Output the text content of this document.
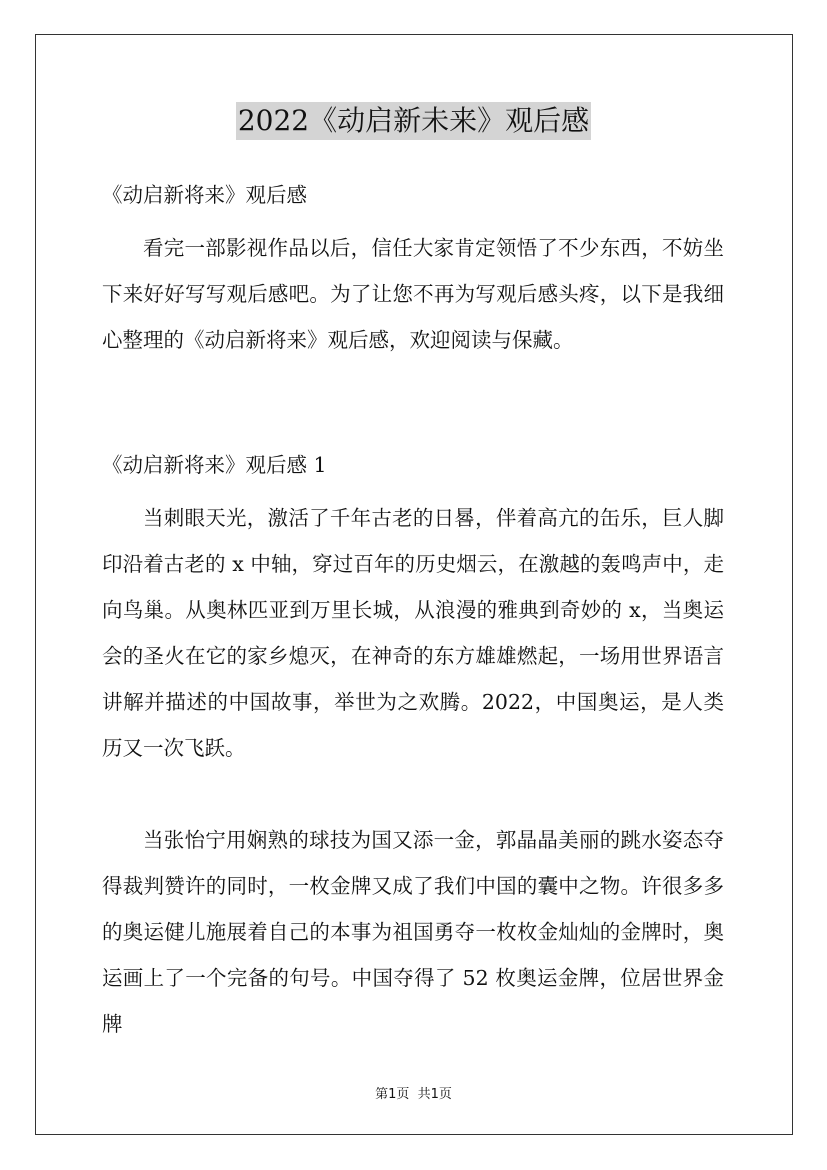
2022《动启新未来》观后感
《动启新将来》观后感
看完一部影视作品以后，信任大家肯定领悟了不少东西，不妨坐下来好好写写观后感吧。为了让您不再为写观后感头疼，以下是我细心整理的《动启新将来》观后感，欢迎阅读与保藏。
《动启新将来》观后感 1
当刺眼天光，激活了千年古老的日晷，伴着高亢的缶乐，巨人脚印沿着古老的 x 中轴，穿过百年的历史烟云，在激越的轰鸣声中，走向鸟巢。从奥林匹亚到万里长城，从浪漫的雅典到奇妙的 x，当奥运会的圣火在它的家乡熄灭，在神奇的东方雄雄燃起，一场用世界语言讲解并描述的中国故事，举世为之欢腾。2022，中国奥运，是人类历又一次飞跃。
当张怡宁用娴熟的球技为国又添一金，郭晶晶美丽的跳水姿态夺得裁判赞许的同时，一枚金牌又成了我们中国的囊中之物。许很多多的奥运健儿施展着自己的本事为祖国勇夺一枚枚金灿灿的金牌时，奥运画上了一个完备的句号。中国夺得了 52 枚奥运金牌，位居世界金牌
第1页 共1页
